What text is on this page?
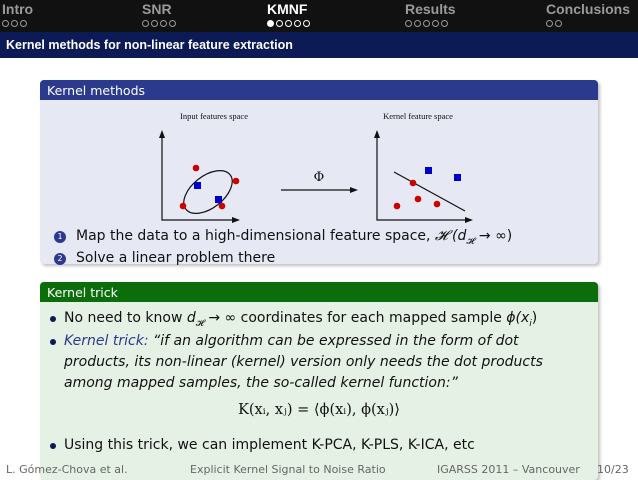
Intro	SNR	KMNF	Results	Conclusions
Kernel methods for non-linear feature extraction
Kernel methods
Input features space	Kernel feature space
Φ
1 Map the data to a high-dimensional feature space, 𝓗 ($d_𝓗$ → ∞)
2 Solve a linear problem there
Kernel trick
No need to know $d_𝓗$ → ∞ coordinates for each mapped sample $\phi(x_i)$
Kernel trick: “if an algorithm can be expressed in the form of dot products, its non-linear (kernel) version only needs the dot products among mapped samples, the so-called kernel function:”
K(xᵢ, xⱼ) = ⟨ϕ(xᵢ), ϕ(xⱼ)⟩
Using this trick, we can implement K-PCA, K-PLS, K-ICA, etc
L. Gómez-Chova et al.	Explicit Kernel Signal to Noise Ratio	IGARSS 2011 – Vancouver 10/23
